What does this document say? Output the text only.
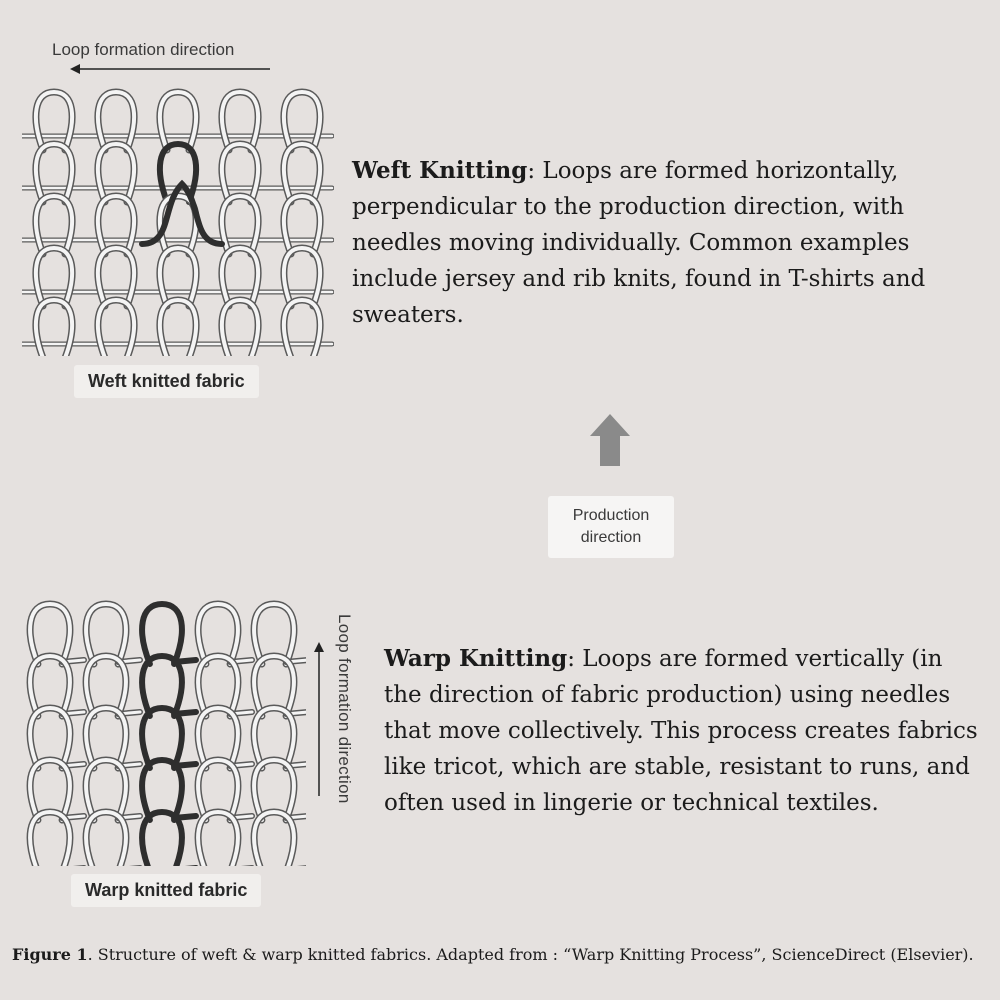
Loop formation direction
Weft knitted fabric
Weft Knitting: Loops are formed horizontally, perpendicular to the production direction, with needles moving individually. Common examples include jersey and rib knits, found in T-shirts and sweaters.
Production
direction
Loop formation direction
Warp knitted fabric
Warp Knitting: Loops are formed vertically (in the direction of fabric production) using needles that move collectively. This process creates fabrics like tricot, which are stable, resistant to runs, and often used in lingerie or technical textiles.
Figure 1. Structure of weft & warp knitted fabrics. Adapted from : “Warp Knitting Process”, ScienceDirect (Elsevier).
